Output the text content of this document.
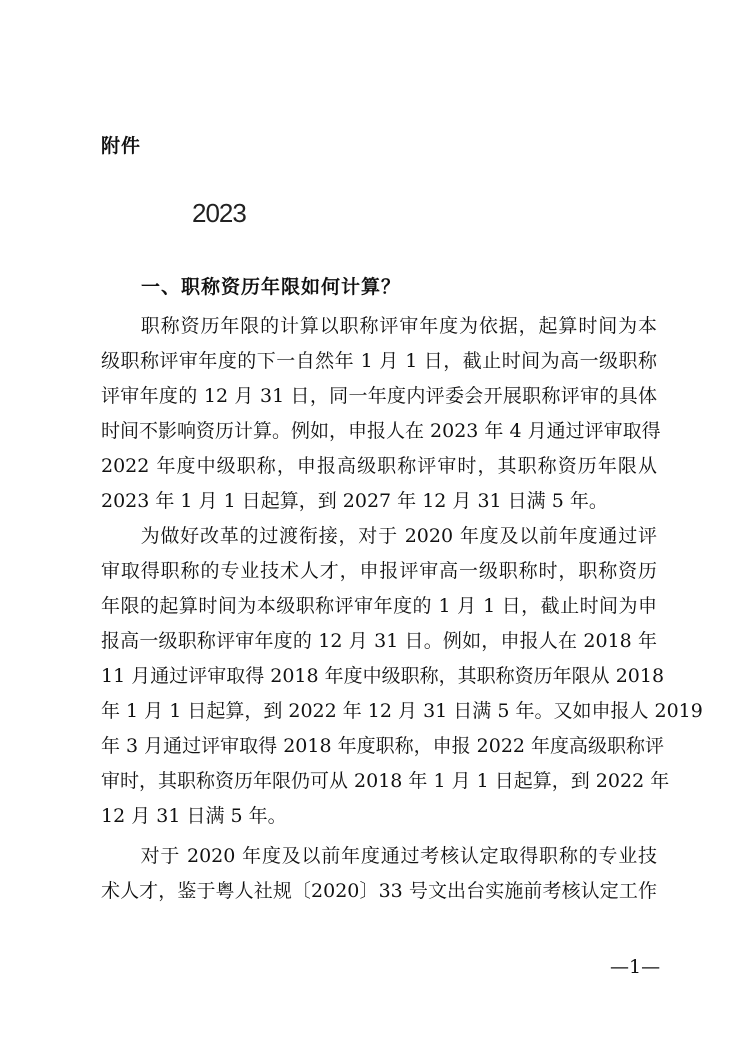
附件
2023
一、职称资历年限如何计算？
　　职称资历年限的计算以职称评审年度为依据，起算时间为本
级职称评审年度的下一自然年 1 月 1 日，截止时间为高一级职称
评审年度的 12 月 31 日，同一年度内评委会开展职称评审的具体
时间不影响资历计算。例如，申报人在 2023 年 4 月通过评审取得
2022 年度中级职称，申报高级职称评审时，其职称资历年限从
2023 年 1 月 1 日起算，到 2027 年 12 月 31 日满 5 年。
　　为做好改革的过渡衔接，对于 2020 年度及以前年度通过评
审取得职称的专业技术人才，申报评审高一级职称时，职称资历
年限的起算时间为本级职称评审年度的 1 月 1 日，截止时间为申
报高一级职称评审年度的 12 月 31 日。例如，申报人在 2018 年
11 月通过评审取得 2018 年度中级职称，其职称资历年限从 2018
年 1 月 1 日起算，到 2022 年 12 月 31 日满 5 年。又如申报人 2019
年 3 月通过评审取得 2018 年度职称，申报 2022 年度高级职称评
审时，其职称资历年限仍可从 2018 年 1 月 1 日起算，到 2022 年
12 月 31 日满 5 年。
　　对于 2020 年度及以前年度通过考核认定取得职称的专业技
术人才，鉴于粤人社规〔2020〕33 号文出台实施前考核认定工作
—1—
